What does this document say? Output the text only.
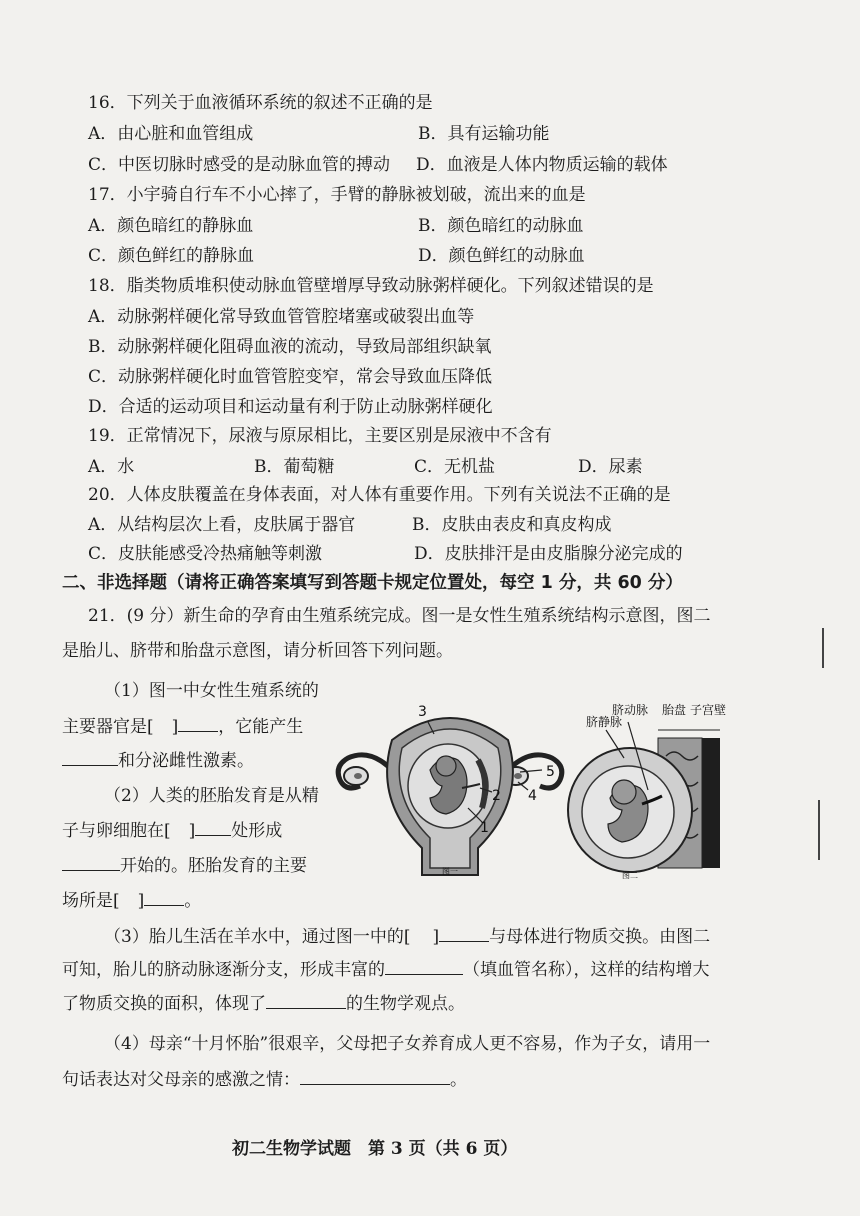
16．下列关于血液循环系统的叙述不正确的是
A．由心脏和血管组成	B．具有运输功能
C．中医切脉时感受的是动脉血管的搏动 D．血液是人体内物质运输的载体
17．小宇骑自行车不小心摔了，手臂的静脉被划破，流出来的血是
A．颜色暗红的静脉血	B．颜色暗红的动脉血
C．颜色鲜红的静脉血	D．颜色鲜红的动脉血
18．脂类物质堆积使动脉血管壁增厚导致动脉粥样硬化。下列叙述错误的是
A．动脉粥样硬化常导致血管管腔堵塞或破裂出血等
B．动脉粥样硬化阻碍血液的流动，导致局部组织缺氧
C．动脉粥样硬化时血管管腔变窄，常会导致血压降低
D．合适的运动项目和运动量有利于防止动脉粥样硬化
19．正常情况下，尿液与原尿相比，主要区别是尿液中不含有
A．水	B．葡萄糖	C．无机盐	D．尿素
20．人体皮肤覆盖在身体表面，对人体有重要作用。下列有关说法不正确的是
A．从结构层次上看，皮肤属于器官	B．皮肤由表皮和真皮构成
C．皮肤能感受冷热痛触等刺激	D．皮肤排汗是由皮脂腺分泌完成的
二、非选择题（请将正确答案填写到答题卡规定位置处，每空 1 分，共 60 分）
21．(9 分）新生命的孕育由生殖系统完成。图一是女性生殖系统结构示意图，图二
是胎儿、脐带和胎盘示意图，请分析回答下列问题。
（1）图一中女性生殖系统的
主要器官是[ ] ，它能产生
和分泌雌性激素。
（2）人类的胚胎发育是从精
子与卵细胞在[ ] 处形成
开始的。胚胎发育的主要
场所是[ ] 。
3
5
2 4
1
图一
脐静脉
脐动脉 胎盘 子宫壁
图二
（3）胎儿生活在羊水中，通过图一中的[ ]	与母体进行物质交换。由图二
可知，胎儿的脐动脉逐渐分支，形成丰富的	（填血管名称），这样的结构增大
了物质交换的面积，体现了	的生物学观点。
（4）母亲“十月怀胎”很艰辛，父母把子女养育成人更不容易，作为子女，请用一
句话表达对父母亲的感激之情：	。
初二生物学试题　第 3 页（共 6 页）
